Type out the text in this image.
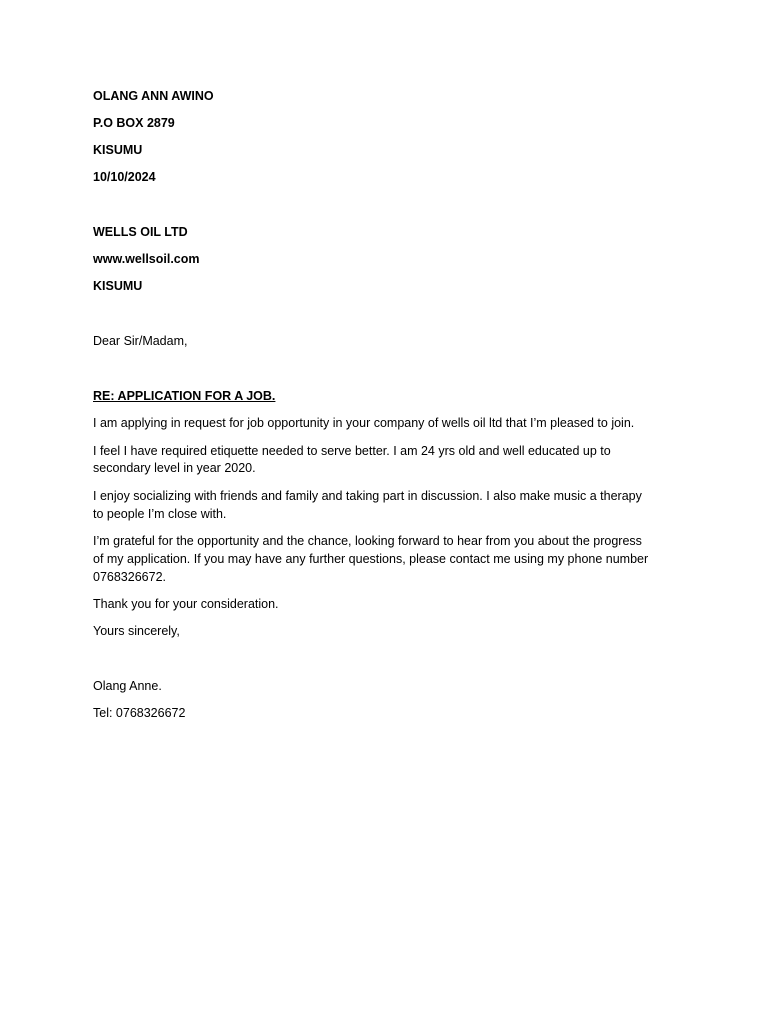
OLANG ANN AWINO

P.O BOX 2879

KISUMU

10/10/2024

WELLS OIL LTD

www.wellsoil.com

KISUMU

Dear Sir/Madam,

RE: APPLICATION FOR A JOB.

I am applying in request for job opportunity in your company of wells oil ltd that I’m pleased to join.

I feel I have required etiquette needed to serve better. I am 24 yrs old and well educated up to

secondary level in year 2020.

I enjoy socializing with friends and family and taking part in discussion. I also make music a therapy

to people I’m close with.

I’m grateful for the opportunity and the chance, looking forward to hear from you about the progress

of my application. If you may have any further questions, please contact me using my phone number

0768326672.

Thank you for your consideration.

Yours sincerely,

Olang Anne.

Tel: 0768326672
